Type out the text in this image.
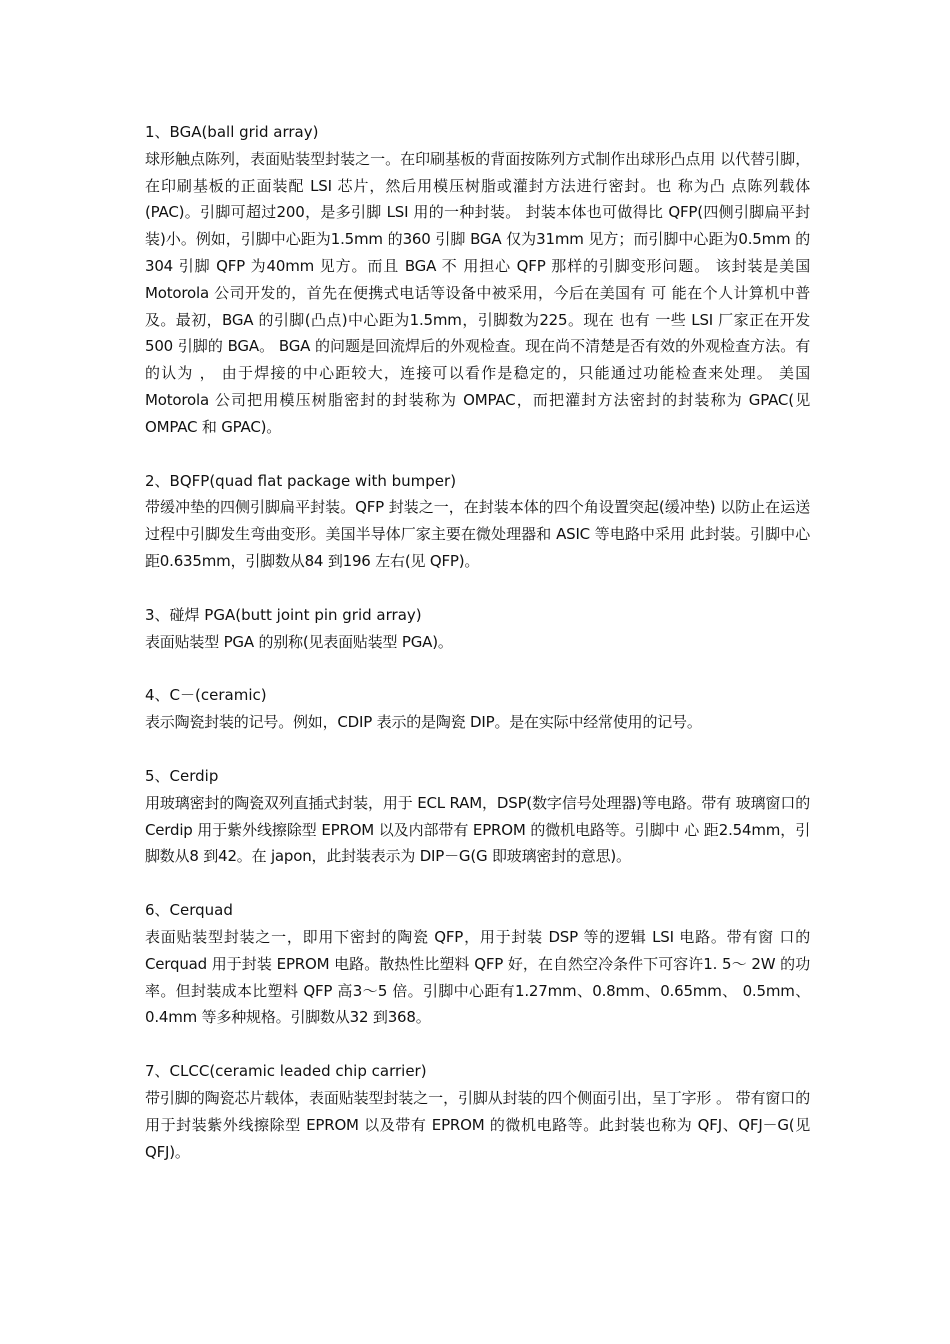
1、BGA(ball grid array)

球形触点陈列，表面贴装型封装之一。在印刷基板的背面按陈列方式制作出球形凸点用 以代替引脚，在印刷基板的正面装配 LSI 芯片，然后用模压树脂或灌封方法进行密封。也 称为凸 点陈列载体(PAC)。引脚可超过200，是多引脚 LSI 用的一种封装。 封装本体也可做得比 QFP(四侧引脚扁平封装)小。例如，引脚中心距为1.5mm 的360 引脚 BGA 仅为31mm 见方；而引脚中心距为0.5mm 的304 引脚 QFP 为40mm 见方。而且 BGA 不 用担心 QFP 那样的引脚变形问题。 该封装是美国 Motorola 公司开发的，首先在便携式电话等设备中被采用，今后在美国有 可 能在个人计算机中普及。最初，BGA 的引脚(凸点)中心距为1.5mm，引脚数为225。现在 也有 一些 LSI 厂家正在开发500 引脚的 BGA。 BGA 的问题是回流焊后的外观检查。现在尚不清楚是否有效的外观检查方法。有的认为 ， 由于焊接的中心距较大，连接可以看作是稳定的，只能通过功能检查来处理。 美国 Motorola 公司把用模压树脂密封的封装称为 OMPAC，而把灌封方法密封的封装称为 GPAC(见 OMPAC 和 GPAC)。

2、BQFP(quad flat package with bumper)

带缓冲垫的四侧引脚扁平封装。QFP 封装之一，在封装本体的四个角设置突起(缓冲垫) 以防止在运送过程中引脚发生弯曲变形。美国半导体厂家主要在微处理器和 ASIC 等电路中采用 此封装。引脚中心距0.635mm，引脚数从84 到196 左右(见 QFP)。

3、碰焊 PGA(butt joint pin grid array)

表面贴装型 PGA 的别称(见表面贴装型 PGA)。

4、C－(ceramic)

表示陶瓷封装的记号。例如，CDIP 表示的是陶瓷 DIP。是在实际中经常使用的记号。

5、Cerdip

用玻璃密封的陶瓷双列直插式封装，用于 ECL RAM，DSP(数字信号处理器)等电路。带有 玻璃窗口的 Cerdip 用于紫外线擦除型 EPROM 以及内部带有 EPROM 的微机电路等。引脚中 心 距2.54mm，引脚数从8 到42。在 japon，此封装表示为 DIP－G(G 即玻璃密封的意思)。

6、Cerquad

表面贴装型封装之一，即用下密封的陶瓷 QFP，用于封装 DSP 等的逻辑 LSI 电路。带有窗 口的 Cerquad 用于封装 EPROM 电路。散热性比塑料 QFP 好，在自然空冷条件下可容许1. 5～ 2W 的功率。但封装成本比塑料 QFP 高3～5 倍。引脚中心距有1.27mm、0.8mm、0.65mm、 0.5mm、 0.4mm 等多种规格。引脚数从32 到368。

7、CLCC(ceramic leaded chip carrier)

带引脚的陶瓷芯片载体，表面贴装型封装之一，引脚从封装的四个侧面引出，呈丁字形 。 带有窗口的用于封装紫外线擦除型 EPROM 以及带有 EPROM 的微机电路等。此封装也称为 QFJ、QFJ－G(见 QFJ)。
